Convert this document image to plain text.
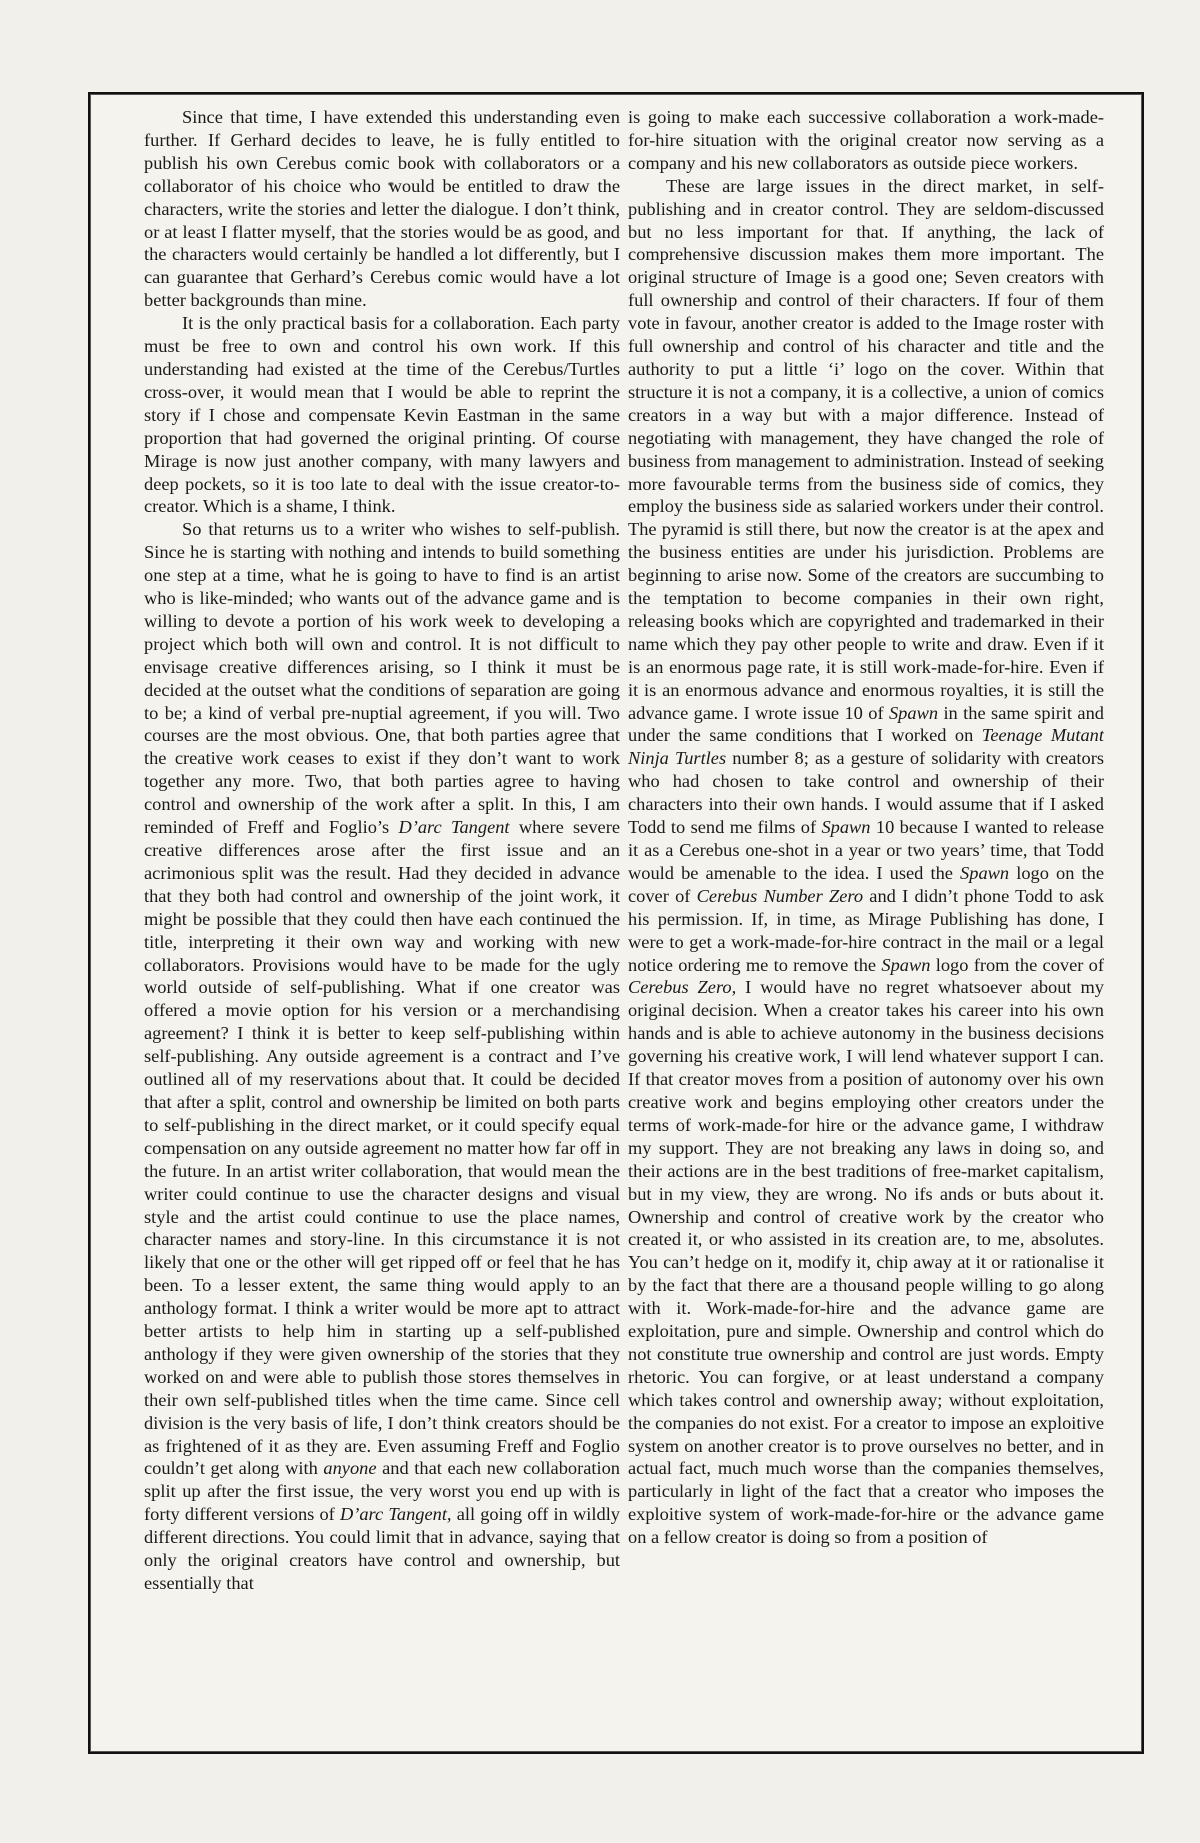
Since that time, I have extended this understanding even further. If Gerhard decides to leave, he is fully entitled to publish his own Cerebus comic book with collaborators or a collaborator of his choice who would be entitled to draw the characters, write the stories and letter the dialogue. I don’t think, or at least I flatter myself, that the stories would be as good, and the characters would certainly be handled a lot differently, but I can guarantee that Gerhard’s Cerebus comic would have a lot better backgrounds than mine.

It is the only practical basis for a collaboration. Each party must be free to own and control his own work. If this understanding had existed at the time of the Cerebus/Turtles cross-over, it would mean that I would be able to reprint the story if I chose and compensate Kevin Eastman in the same proportion that had governed the original printing. Of course Mirage is now just another company, with many lawyers and deep pockets, so it is too late to deal with the issue creator-to-creator. Which is a shame, I think.

So that returns us to a writer who wishes to self-publish. Since he is starting with nothing and intends to build something one step at a time, what he is going to have to find is an artist who is like-minded; who wants out of the advance game and is willing to devote a portion of his work week to developing a project which both will own and control. It is not difficult to envisage creative differences arising, so I think it must be decided at the outset what the conditions of separation are going to be; a kind of verbal pre-nuptial agreement, if you will. Two courses are the most obvious. One, that both parties agree that the creative work ceases to exist if they don’t want to work together any more. Two, that both parties agree to having control and ownership of the work after a split. In this, I am reminded of Freff and Foglio’s D’arc Tangent where severe creative differences arose after the first issue and an acrimonious split was the result. Had they decided in advance that they both had control and ownership of the joint work, it might be possible that they could then have each continued the title, interpreting it their own way and working with new collaborators. Provisions would have to be made for the ugly world outside of self-publishing. What if one creator was offered a movie option for his version or a merchandising agreement? I think it is better to keep self-publishing within self-publishing. Any outside agreement is a contract and I’ve outlined all of my reservations about that. It could be decided that after a split, control and ownership be limited on both parts to self-publishing in the direct market, or it could specify equal compensation on any outside agreement no matter how far off in the future. In an artist writer collaboration, that would mean the writer could continue to use the character designs and visual style and the artist could continue to use the place names, character names and story-line. In this circumstance it is not likely that one or the other will get ripped off or feel that he has been. To a lesser extent, the same thing would apply to an anthology format. I think a writer would be more apt to attract better artists to help him in starting up a self-published anthology if they were given ownership of the stories that they worked on and were able to publish those stores themselves in their own self-published titles when the time came. Since cell division is the very basis of life, I don’t think creators should be as frightened of it as they are. Even assuming Freff and Foglio couldn’t get along with anyone and that each new collaboration split up after the first issue, the very worst you end up with is forty different versions of D’arc Tangent, all going off in wildly different directions. You could limit that in advance, saying that only the original creators have control and ownership, but essentially that

is going to make each successive collaboration a work-made-for-hire situation with the original creator now serving as a company and his new collaborators as outside piece workers.

These are large issues in the direct market, in self-publishing and in creator control. They are seldom-discussed but no less important for that. If anything, the lack of comprehensive discussion makes them more important. The original structure of Image is a good one; Seven creators with full ownership and control of their characters. If four of them vote in favour, another creator is added to the Image roster with full ownership and control of his character and title and the authority to put a little ‘i’ logo on the cover. Within that structure it is not a company, it is a collective, a union of comics creators in a way but with a major difference. Instead of negotiating with management, they have changed the role of business from management to administration. Instead of seeking more favourable terms from the business side of comics, they employ the business side as salaried workers under their control. The pyramid is still there, but now the creator is at the apex and the business entities are under his jurisdiction. Problems are beginning to arise now. Some of the creators are succumbing to the temptation to become companies in their own right, releasing books which are copyrighted and trademarked in their name which they pay other people to write and draw. Even if it is an enormous page rate, it is still work-made-for-hire. Even if it is an enormous advance and enormous royalties, it is still the advance game. I wrote issue 10 of Spawn in the same spirit and under the same conditions that I worked on Teenage Mutant Ninja Turtles number 8; as a gesture of solidarity with creators who had chosen to take control and ownership of their characters into their own hands. I would assume that if I asked Todd to send me films of Spawn 10 because I wanted to release it as a Cerebus one-shot in a year or two years’ time, that Todd would be amenable to the idea. I used the Spawn logo on the cover of Cerebus Number Zero and I didn’t phone Todd to ask his permission. If, in time, as Mirage Publishing has done, I were to get a work-made-for-hire contract in the mail or a legal notice ordering me to remove the Spawn logo from the cover of Cerebus Zero, I would have no regret whatsoever about my original decision. When a creator takes his career into his own hands and is able to achieve autonomy in the business decisions governing his creative work, I will lend whatever support I can. If that creator moves from a position of autonomy over his own creative work and begins employing other creators under the terms of work-made-for hire or the advance game, I withdraw my support. They are not breaking any laws in doing so, and their actions are in the best traditions of free-market capitalism, but in my view, they are wrong. No ifs ands or buts about it. Ownership and control of creative work by the creator who created it, or who assisted in its creation are, to me, absolutes. You can’t hedge on it, modify it, chip away at it or rationalise it by the fact that there are a thousand people willing to go along with it. Work-made-for-hire and the advance game are exploitation, pure and simple. Ownership and control which do not constitute true ownership and control are just words. Empty rhetoric. You can forgive, or at least understand a company which takes control and ownership away; without exploitation, the companies do not exist. For a creator to impose an exploitive system on another creator is to prove ourselves no better, and in actual fact, much much worse than the companies themselves, particularly in light of the fact that a creator who imposes the exploitive system of work-made-for-hire or the advance game on a fellow creator is doing so from a position of
